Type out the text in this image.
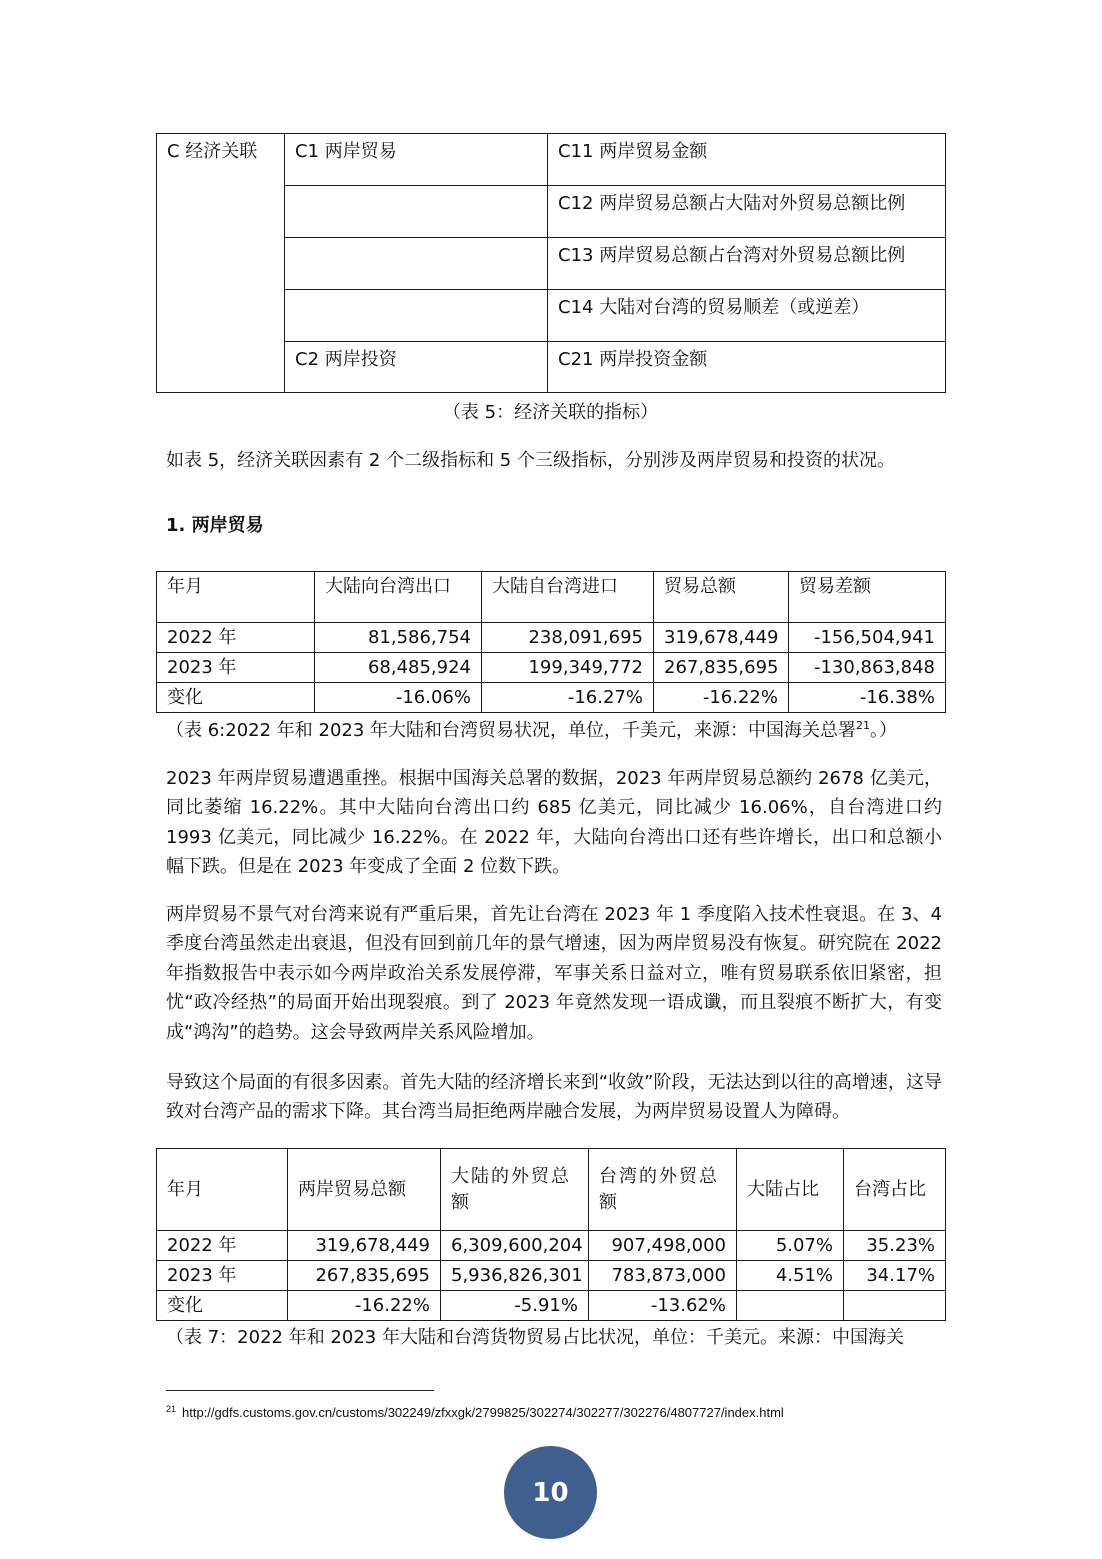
C 经济关联	C1 两岸贸易	C11 两岸贸易金额
		C12 两岸贸易总额占大陆对外贸易总额比例
		C13 两岸贸易总额占台湾对外贸易总额比例
		C14 大陆对台湾的贸易顺差（或逆差）
	C2 两岸投资	C21 两岸投资金额
（表 5：经济关联的指标）
如表 5，经济关联因素有 2 个二级指标和 5 个三级指标，分别涉及两岸贸易和投资的状况。
1. 两岸贸易
年月	大陆向台湾出口	大陆自台湾进口	贸易总额	贸易差额
2022 年	81,586,754	238,091,695	319,678,449	-156,504,941
2023 年	68,485,924	199,349,772	267,835,695	-130,863,848
变化	-16.06%	-16.27%	-16.22%	-16.38%
（表 6:2022 年和 2023 年大陆和台湾贸易状况，单位，千美元，来源：中国海关总署$^{21}$。）
2023 年两岸贸易遭遇重挫。根据中国海关总署的数据，2023 年两岸贸易总额约 2678 亿美元，同比萎缩 16.22%。其中大陆向台湾出口约 685 亿美元，同比减少 16.06%，自台湾进口约 1993 亿美元，同比减少 16.22%。在 2022 年，大陆向台湾出口还有些许增长，出口和总额小幅下跌。但是在 2023 年变成了全面 2 位数下跌。
两岸贸易不景气对台湾来说有严重后果，首先让台湾在 2023 年 1 季度陷入技术性衰退。在 3、4 季度台湾虽然走出衰退，但没有回到前几年的景气增速，因为两岸贸易没有恢复。研究院在 2022 年指数报告中表示如今两岸政治关系发展停滞，军事关系日益对立，唯有贸易联系依旧紧密，担忧“政冷经热”的局面开始出现裂痕。到了 2023 年竟然发现一语成谶，而且裂痕不断扩大，有变成“鸿沟”的趋势。这会导致两岸关系风险增加。
导致这个局面的有很多因素。首先大陆的经济增长来到“收敛”阶段，无法达到以往的高增速，这导致对台湾产品的需求下降。其台湾当局拒绝两岸融合发展，为两岸贸易设置人为障碍。
年月	两岸贸易总额	大陆的外贸总额	台湾的外贸总额	大陆占比	台湾占比
2022 年	319,678,449	6,309,600,204	907,498,000	5.07%	35.23%
2023 年	267,835,695	5,936,826,301	783,873,000	4.51%	34.17%
变化	-16.22%	-5.91%	-13.62%		
（表 7：2022 年和 2023 年大陆和台湾货物贸易占比状况，单位：千美元。来源：中国海关
$^{21}$ http://gdfs.customs.gov.cn/customs/302249/zfxxgk/2799825/302274/302277/302276/4807727/index.html
10
